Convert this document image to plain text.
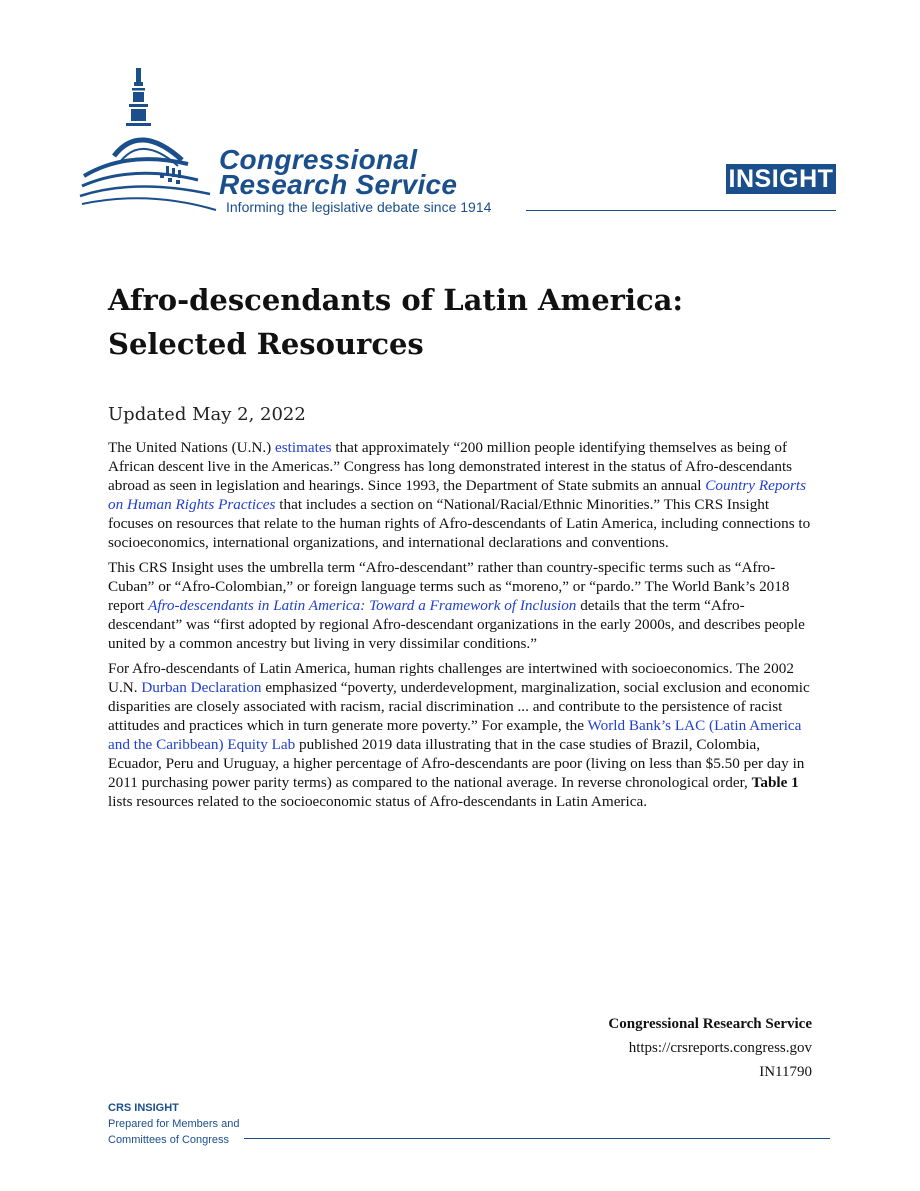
Congressional
Research Service
Informing the legislative debate since 1914
INSIGHT
Afro-descendants of Latin America: Selected Resources
Updated May 2, 2022

The United Nations (U.N.) estimates that approximately “200 million people identifying themselves as being of African descent live in the Americas.” Congress has long demonstrated interest in the status of Afro-descendants abroad as seen in legislation and hearings. Since 1993, the Department of State submits an annual Country Reports on Human Rights Practices that includes a section on “National/Racial/Ethnic Minorities.” This CRS Insight focuses on resources that relate to the human rights of Afro-descendants of Latin America, including connections to socioeconomics, international organizations, and international declarations and conventions.

This CRS Insight uses the umbrella term “Afro-descendant” rather than country-specific terms such as “Afro-Cuban” or “Afro-Colombian,” or foreign language terms such as “moreno,” or “pardo.” The World Bank’s 2018 report Afro-descendants in Latin America: Toward a Framework of Inclusion details that the term “Afro-descendant” was “first adopted by regional Afro-descendant organizations in the early 2000s, and describes people united by a common ancestry but living in very dissimilar conditions.”

For Afro-descendants of Latin America, human rights challenges are intertwined with socioeconomics. The 2002 U.N. Durban Declaration emphasized “poverty, underdevelopment, marginalization, social exclusion and economic disparities are closely associated with racism, racial discrimination ... and contribute to the persistence of racist attitudes and practices which in turn generate more poverty.” For example, the World Bank’s LAC (Latin America and the Caribbean) Equity Lab published 2019 data illustrating that in the case studies of Brazil, Colombia, Ecuador, Peru and Uruguay, a higher percentage of Afro-descendants are poor (living on less than $5.50 per day in 2011 purchasing power parity terms) as compared to the national average. In reverse chronological order, Table 1 lists resources related to the socioeconomic status of Afro-descendants in Latin America.

Congressional Research Service
https://crsreports.congress.gov
IN11790
CRS INSIGHT
Prepared for Members and
Committees of Congress
